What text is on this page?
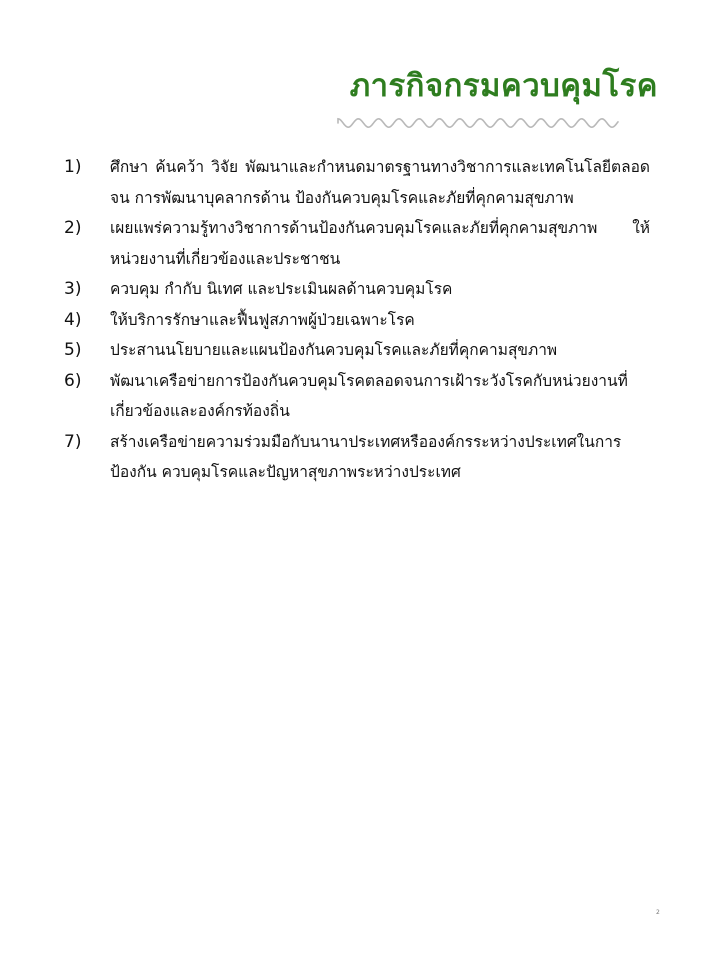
ภารกิจกรมควบคุมโรค
1)	ศึกษา ค้นคว้า วิจัย พัฒนาและกำหนดมาตรฐานทางวิชาการและเทคโนโลยีตลอดจน การพัฒนาบุคลากรด้าน ป้องกันควบคุมโรคและภัยที่คุกคามสุขภาพ
2)	เผยแพร่ความรู้ทางวิชาการด้านป้องกันควบคุมโรคและภัยที่คุกคามสุขภาพ ให้ หน่วยงานที่เกี่ยวข้องและประชาชน
3)	ควบคุม กำกับ นิเทศ และประเมินผลด้านควบคุมโรค
4)	ให้บริการรักษาและฟื้นฟูสภาพผู้ป่วยเฉพาะโรค
5)	ประสานนโยบายและแผนป้องกันควบคุมโรคและภัยที่คุกคามสุขภาพ
6)	พัฒนาเครือข่ายการป้องกันควบคุมโรคตลอดจนการเฝ้าระวังโรคกับหน่วยงานที่เกี่ยวข้องและองค์กรท้องถิ่น
7)	สร้างเครือข่ายความร่วมมือกับนานาประเทศหรือองค์กรระหว่างประเทศในการป้องกัน ควบคุมโรคและปัญหาสุขภาพระหว่างประเทศ
2
